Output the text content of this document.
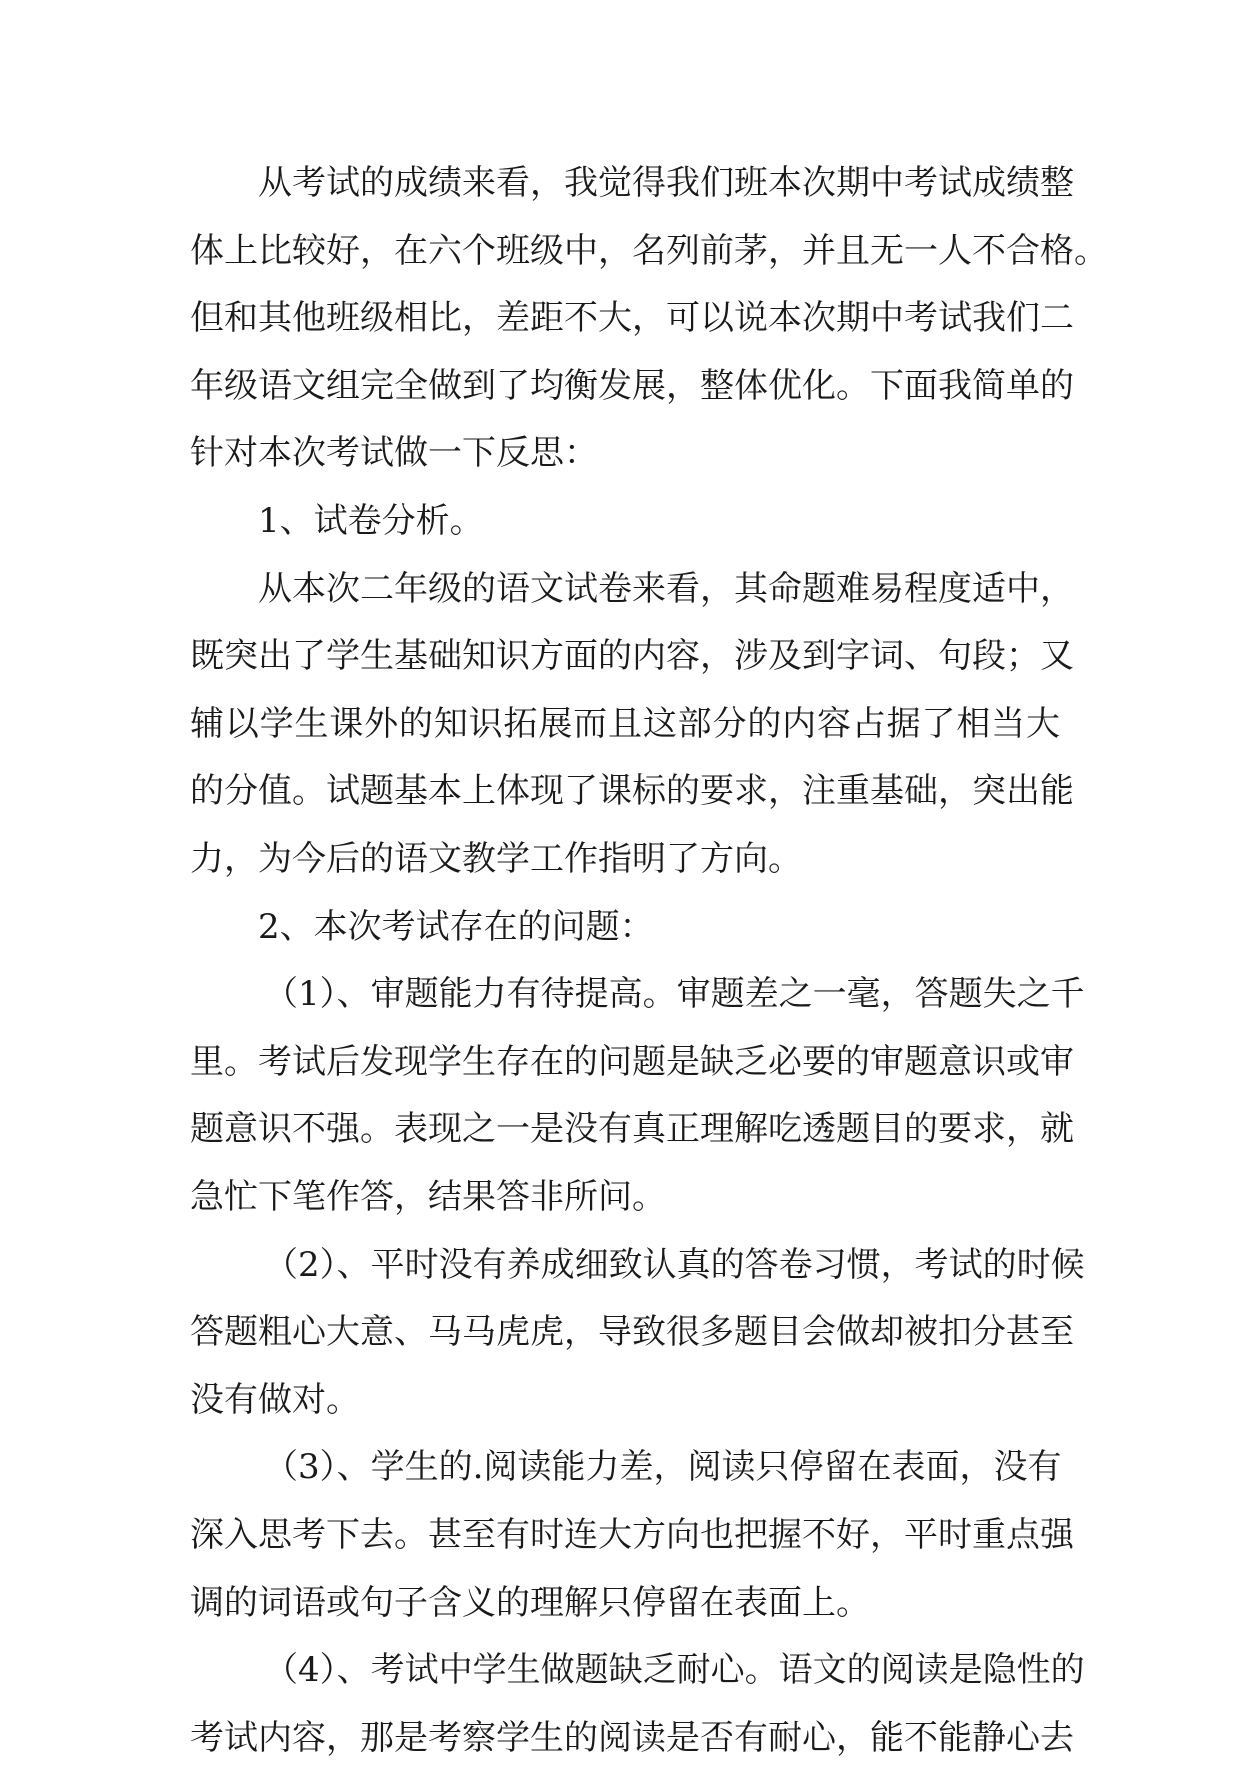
从考试的成绩来看，我觉得我们班本次期中考试成绩整
体上比较好，在六个班级中，名列前茅，并且无一人不合格。
但和其他班级相比，差距不大，可以说本次期中考试我们二
年级语文组完全做到了均衡发展，整体优化。下面我简单的
针对本次考试做一下反思：
1、试卷分析。
从本次二年级的语文试卷来看，其命题难易程度适中，
既突出了学生基础知识方面的内容，涉及到字词、句段；又
辅以学生课外的知识拓展而且这部分的内容占据了相当大
的分值。试题基本上体现了课标的要求，注重基础，突出能
力，为今后的语文教学工作指明了方向。
2、本次考试存在的问题：
（1）、审题能力有待提高。审题差之一毫，答题失之千
里。考试后发现学生存在的问题是缺乏必要的审题意识或审
题意识不强。表现之一是没有真正理解吃透题目的要求，就
急忙下笔作答，结果答非所问。
（2）、平时没有养成细致认真的答卷习惯，考试的时候
答题粗心大意、马马虎虎，导致很多题目会做却被扣分甚至
没有做对。
（3）、学生的.阅读能力差，阅读只停留在表面，没有
深入思考下去。甚至有时连大方向也把握不好，平时重点强
调的词语或句子含义的理解只停留在表面上。
（4）、考试中学生做题缺乏耐心。语文的阅读是隐性的
考试内容，那是考察学生的阅读是否有耐心，能不能静心去
